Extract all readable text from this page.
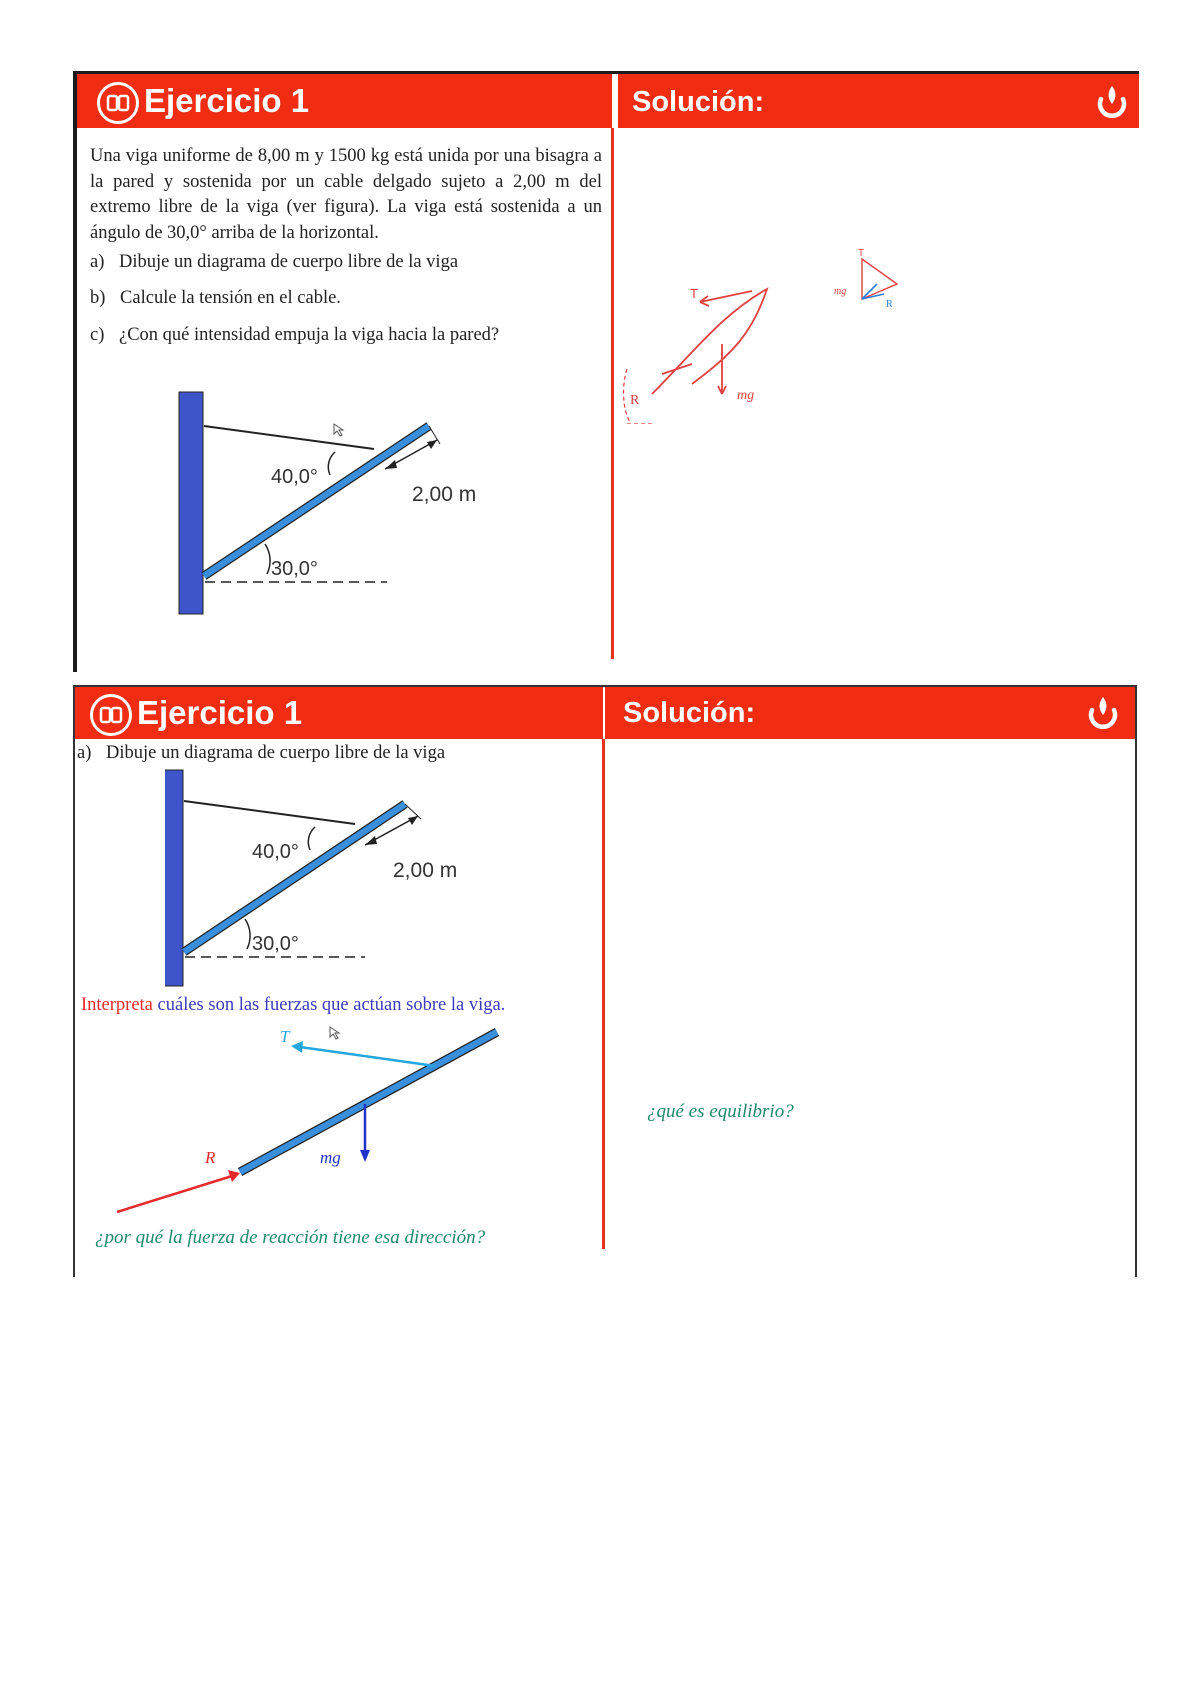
Ejercicio 1	Solución:
Una viga uniforme de 8,00 m y 1500 kg está unida por una bisagra a la pared y sostenida por un cable delgado sujeto a 2,00 m del extremo libre de la viga (ver figura). La viga está sostenida a un ángulo de 30,0° arriba de la horizontal.
a) Dibuje un diagrama de cuerpo libre de la viga
b) Calcule la tensión en el cable.
c) ¿Con qué intensidad empuja la viga hacia la pared?
40,0°
2,00 m
30,0°
T
mg
R
T
mg
R
Ejercicio 1	Solución:
a) Dibuje un diagrama de cuerpo libre de la viga
40,0°
2,00 m
30,0°
Interpreta cuáles son las fuerzas que actúan sobre la viga.
T
mg
R
¿por qué la fuerza de reacción tiene esa dirección?
¿qué es equilibrio?
